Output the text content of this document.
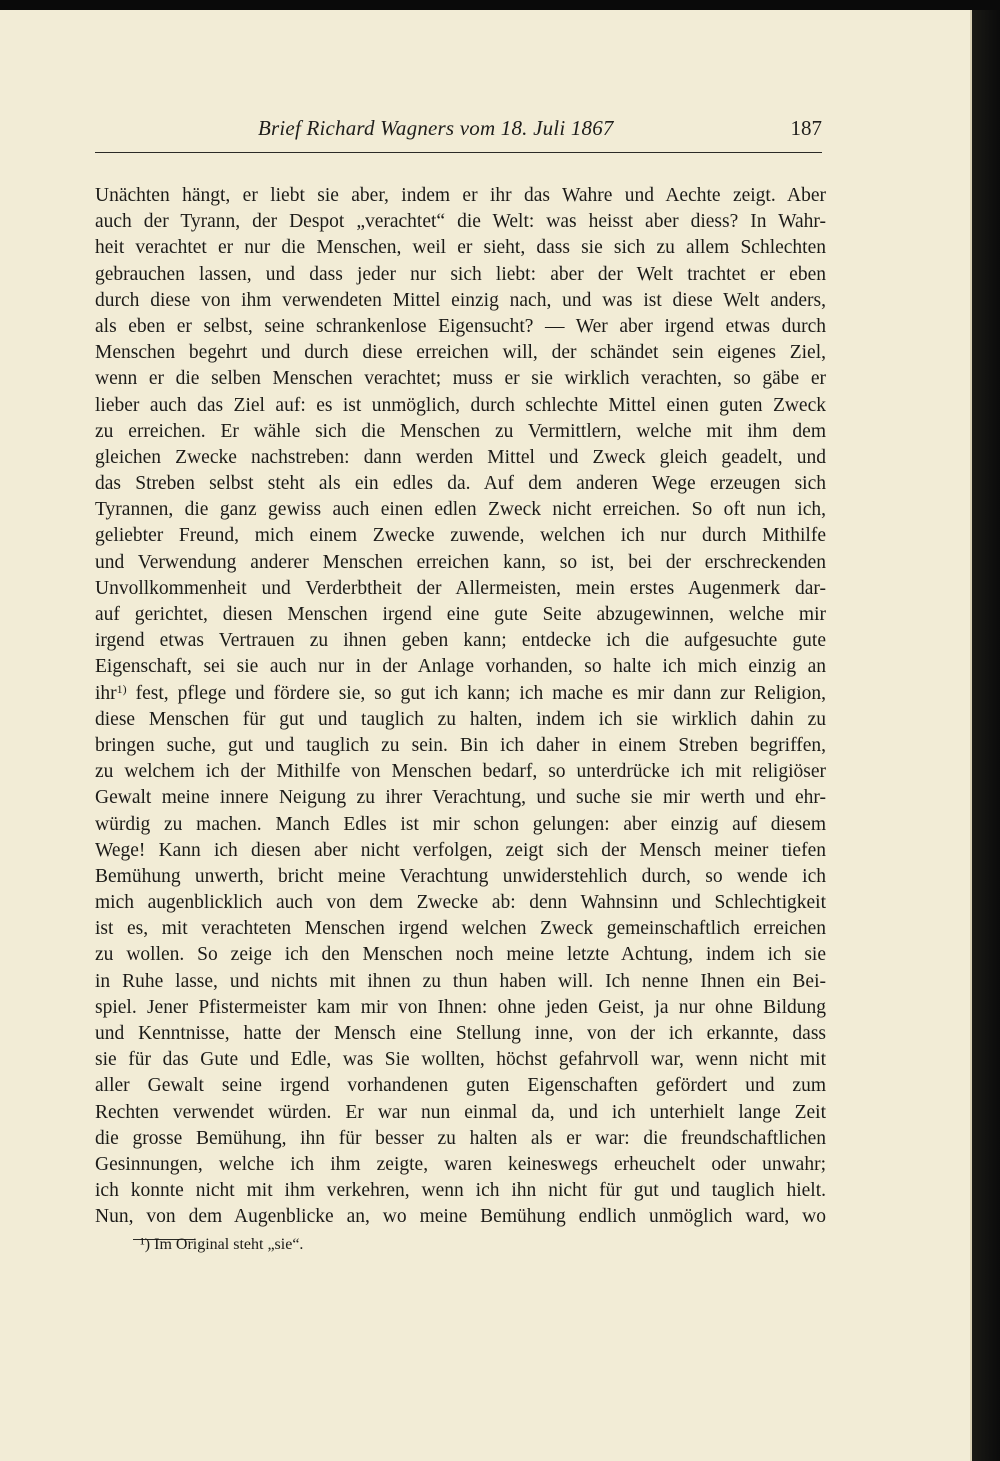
Brief Richard Wagners vom 18. Juli 1867	187
Unächten hängt, er liebt sie aber, indem er ihr das Wahre und Aechte zeigt. Aber
auch der Tyrann, der Despot „verachtet“ die Welt: was heisst aber diess? In Wahr-
heit verachtet er nur die Menschen, weil er sieht, dass sie sich zu allem Schlechten
gebrauchen lassen, und dass jeder nur sich liebt: aber der Welt trachtet er eben
durch diese von ihm verwendeten Mittel einzig nach, und was ist diese Welt anders,
als eben er selbst, seine schrankenlose Eigensucht? — Wer aber irgend etwas durch
Menschen begehrt und durch diese erreichen will, der schändet sein eigenes Ziel,
wenn er die selben Menschen verachtet; muss er sie wirklich verachten, so gäbe er
lieber auch das Ziel auf: es ist unmöglich, durch schlechte Mittel einen guten Zweck
zu erreichen. Er wähle sich die Menschen zu Vermittlern, welche mit ihm dem
gleichen Zwecke nachstreben: dann werden Mittel und Zweck gleich geadelt, und
das Streben selbst steht als ein edles da. Auf dem anderen Wege erzeugen sich
Tyrannen, die ganz gewiss auch einen edlen Zweck nicht erreichen. So oft nun ich,
geliebter Freund, mich einem Zwecke zuwende, welchen ich nur durch Mithilfe
und Verwendung anderer Menschen erreichen kann, so ist, bei der erschreckenden
Unvollkommenheit und Verderbtheit der Allermeisten, mein erstes Augenmerk dar-
auf gerichtet, diesen Menschen irgend eine gute Seite abzugewinnen, welche mir
irgend etwas Vertrauen zu ihnen geben kann; entdecke ich die aufgesuchte gute
Eigenschaft, sei sie auch nur in der Anlage vorhanden, so halte ich mich einzig an
ihr$^{1)}$ fest, pflege und fördere sie, so gut ich kann; ich mache es mir dann zur Religion,
diese Menschen für gut und tauglich zu halten, indem ich sie wirklich dahin zu
bringen suche, gut und tauglich zu sein. Bin ich daher in einem Streben begriffen,
zu welchem ich der Mithilfe von Menschen bedarf, so unterdrücke ich mit religiöser
Gewalt meine innere Neigung zu ihrer Verachtung, und suche sie mir werth und ehr-
würdig zu machen. Manch Edles ist mir schon gelungen: aber einzig auf diesem
Wege! Kann ich diesen aber nicht verfolgen, zeigt sich der Mensch meiner tiefen
Bemühung unwerth, bricht meine Verachtung unwiderstehlich durch, so wende ich
mich augenblicklich auch von dem Zwecke ab: denn Wahnsinn und Schlechtigkeit
ist es, mit verachteten Menschen irgend welchen Zweck gemeinschaftlich erreichen
zu wollen. So zeige ich den Menschen noch meine letzte Achtung, indem ich sie
in Ruhe lasse, und nichts mit ihnen zu thun haben will. Ich nenne Ihnen ein Bei-
spiel. Jener Pfistermeister kam mir von Ihnen: ohne jeden Geist, ja nur ohne Bildung
und Kenntnisse, hatte der Mensch eine Stellung inne, von der ich erkannte, dass
sie für das Gute und Edle, was Sie wollten, höchst gefahrvoll war, wenn nicht mit
aller Gewalt seine irgend vorhandenen guten Eigenschaften gefördert und zum
Rechten verwendet würden. Er war nun einmal da, und ich unterhielt lange Zeit
die grosse Bemühung, ihn für besser zu halten als er war: die freundschaftlichen
Gesinnungen, welche ich ihm zeigte, waren keineswegs erheuchelt oder unwahr;
ich konnte nicht mit ihm verkehren, wenn ich ihn nicht für gut und tauglich hielt.
Nun, von dem Augenblicke an, wo meine Bemühung endlich unmöglich ward, wo
¹) Im Original steht „sie“.
